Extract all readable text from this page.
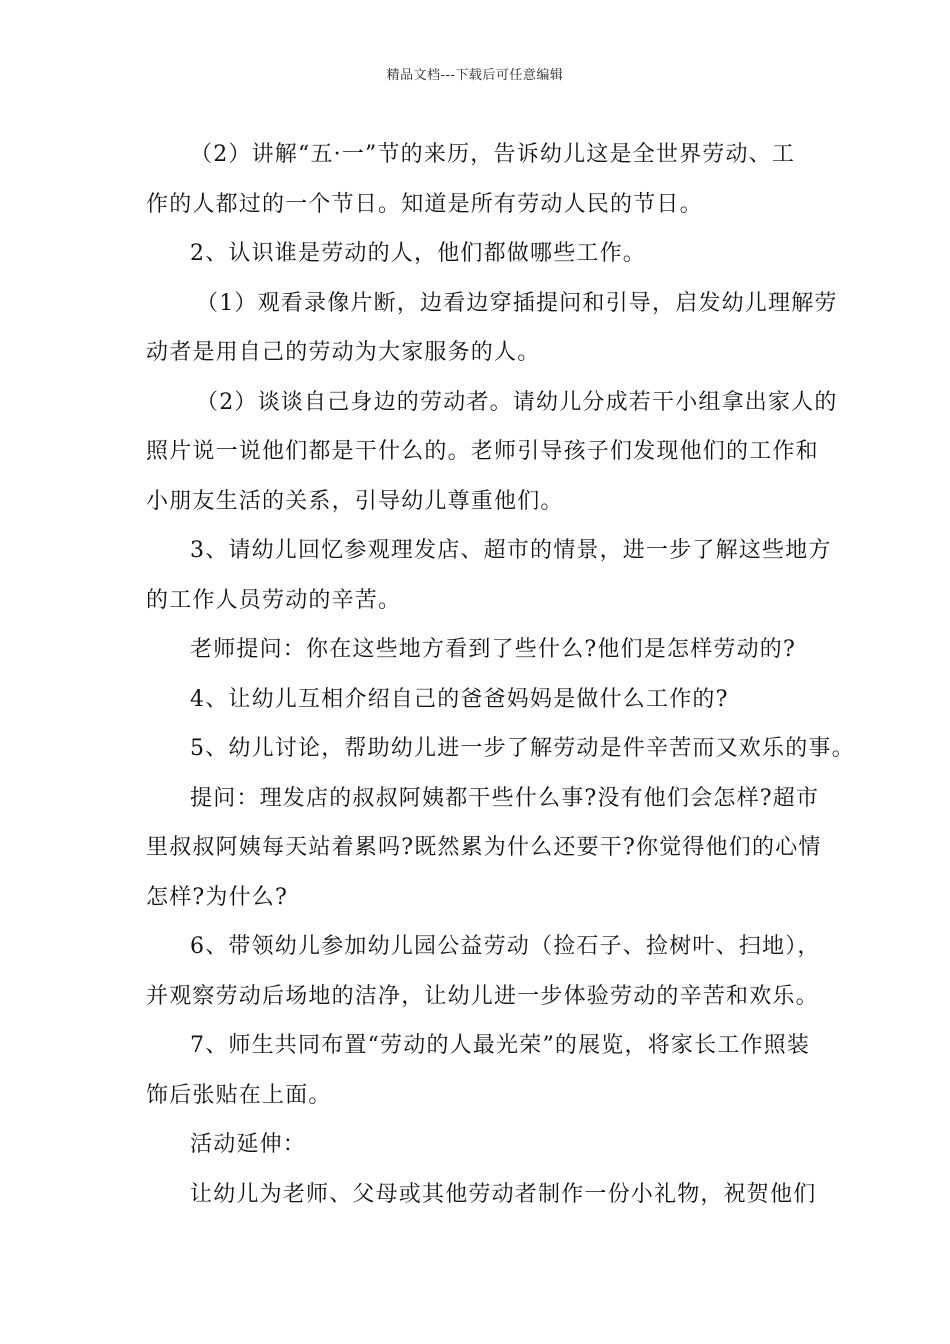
精品文档---下载后可任意编辑

（2）讲解“五·一”节的来历，告诉幼儿这是全世界劳动、工

作的人都过的一个节日。知道是所有劳动人民的节日。

2、认识谁是劳动的人，他们都做哪些工作。

（1）观看录像片断，边看边穿插提问和引导，启发幼儿理解劳

动者是用自己的劳动为大家服务的人。

（2）谈谈自己身边的劳动者。请幼儿分成若干小组拿出家人的

照片说一说他们都是干什么的。老师引导孩子们发现他们的工作和

小朋友生活的关系，引导幼儿尊重他们。

3、请幼儿回忆参观理发店、超市的情景，进一步了解这些地方

的工作人员劳动的辛苦。

老师提问：你在这些地方看到了些什么?他们是怎样劳动的?

4、让幼儿互相介绍自己的爸爸妈妈是做什么工作的?

5、幼儿讨论，帮助幼儿进一步了解劳动是件辛苦而又欢乐的事。

提问：理发店的叔叔阿姨都干些什么事?没有他们会怎样?超市

里叔叔阿姨每天站着累吗?既然累为什么还要干?你觉得他们的心情

怎样?为什么?

6、带领幼儿参加幼儿园公益劳动（捡石子、捡树叶、扫地），

并观察劳动后场地的洁净，让幼儿进一步体验劳动的辛苦和欢乐。

7、师生共同布置“劳动的人最光荣”的展览，将家长工作照装

饰后张贴在上面。

活动延伸：

让幼儿为老师、父母或其他劳动者制作一份小礼物，祝贺他们
